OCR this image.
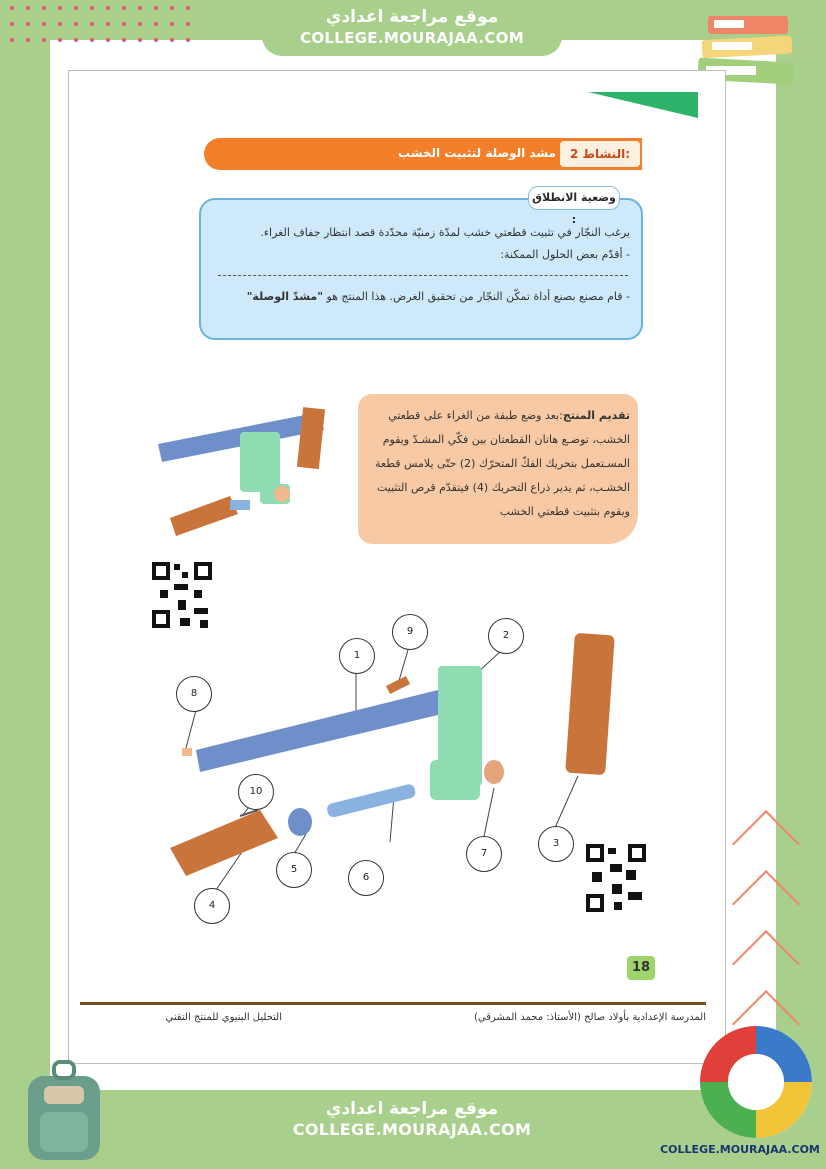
موقع مراجعة اعدادي
COLLEGE.MOURAJAA.COM
النشاط 2:
مشد الوصلة لتثبيت الخشب
وضعية الانطلاق :
يرغب النجّار في تثبيت قطعتي خشب لمدّة زمنيّة محدّدة قصد انتظار جفاف الغراء.
- أقدّم بعض الحلول الممكنة:
- قام مصنع بصنع أداة تمكّن النجّار من تحقيق الغرض. هذا المنتج هو "مشدّ الوصلة"
تقديم المنتج:بعد وضع طبقة من الغراء على قطعتي الخشب، توضـع هاتان القطعتان بين فكّي المشـدّ ويقوم المسـتعمل بتحريك الفكّ المتحرّك (2) حتّى يلامس قطعة الخشـب، ثم يدير ذراع التحريك (4) فيتقدّم قرص التثبيت ويقوم بتثبيت قطعتي الخشب
1
2
3
4
5
6
7
8
9
10
18
التحليل البنيوي للمنتج التقني	المدرسة الإعدادية بأولاد صالح (الأستاذ: محمد المشرقي)
موقع مراجعة اعدادي
COLLEGE.MOURAJAA.COM
COLLEGE.MOURAJAA.COM
